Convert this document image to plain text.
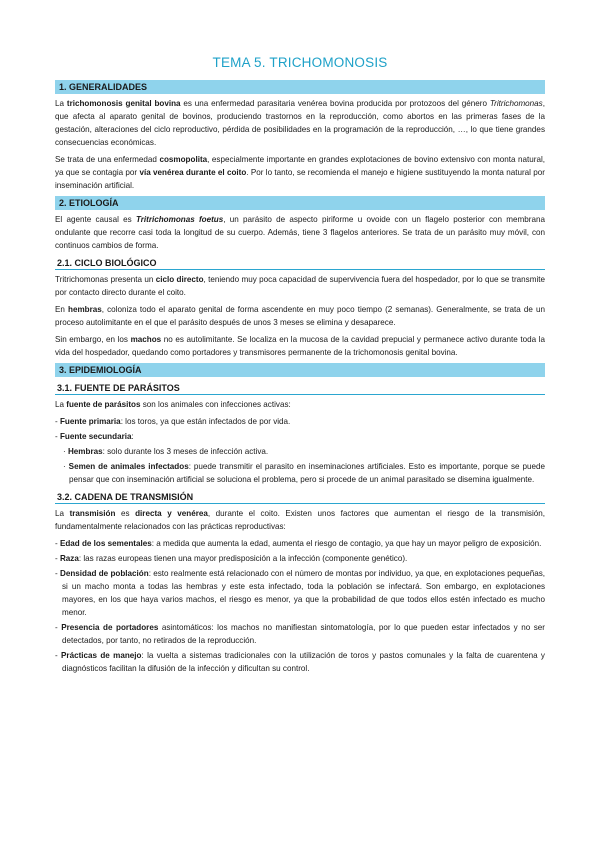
TEMA 5. TRICHOMONOSIS
1. GENERALIDADES

La trichomonosis genital bovina es una enfermedad parasitaria venérea bovina producida por protozoos del género Tritrichomonas, que afecta al aparato genital de bovinos, produciendo trastornos en la reproducción, como abortos en las primeras fases de la gestación, alteraciones del ciclo reproductivo, pérdida de posibilidades en la programación de la reproducción, …, lo que tiene grandes consecuencias económicas.

Se trata de una enfermedad cosmopolita, especialmente importante en grandes explotaciones de bovino extensivo con monta natural, ya que se contagia por vía venérea durante el coito. Por lo tanto, se recomienda el manejo e higiene sustituyendo la monta natural por inseminación artificial.

2. ETIOLOGÍA

El agente causal es Tritrichomonas foetus, un parásito de aspecto piriforme u ovoide con un flagelo posterior con membrana ondulante que recorre casi toda la longitud de su cuerpo. Además, tiene 3 flagelos anteriores. Se trata de un parásito muy móvil, con continuos cambios de forma.

2.1. CICLO BIOLÓGICO

Tritrichomonas presenta un ciclo directo, teniendo muy poca capacidad de supervivencia fuera del hospedador, por lo que se transmite por contacto directo durante el coito.

En hembras, coloniza todo el aparato genital de forma ascendente en muy poco tiempo (2 semanas). Generalmente, se trata de un proceso autolimitante en el que el parásito después de unos 3 meses se elimina y desaparece.

Sin embargo, en los machos no es autolimitante. Se localiza en la mucosa de la cavidad prepucial y permanece activo durante toda la vida del hospedador, quedando como portadores y transmisores permanente de la trichomonosis genital bovina.

3. EPIDEMIOLOGÍA
3.1. FUENTE DE PARÁSITOS

La fuente de parásitos son los animales con infecciones activas:

- Fuente primaria: los toros, ya que están infectados de por vida.
- Fuente secundaria:
· Hembras: solo durante los 3 meses de infección activa.
· Semen de animales infectados: puede transmitir el parasito en inseminaciones artificiales. Esto es importante, porque se puede pensar que con inseminación artificial se soluciona el problema, pero si procede de un animal parasitado se disemina igualmente.
3.2. CADENA DE TRANSMISIÓN

La transmisión es directa y venérea, durante el coito. Existen unos factores que aumentan el riesgo de la transmisión, fundamentalmente relacionados con las prácticas reproductivas:

- Edad de los sementales: a medida que aumenta la edad, aumenta el riesgo de contagio, ya que hay un mayor peligro de exposición.
- Raza: las razas europeas tienen una mayor predisposición a la infección (componente genético).
- Densidad de población: esto realmente está relacionado con el número de montas por individuo, ya que, en explotaciones pequeñas, si un macho monta a todas las hembras y este esta infectado, toda la población se infectará. Son embargo, en explotaciones mayores, en los que haya varios machos, el riesgo es menor, ya que la probabilidad de que todos ellos estén infectado es mucho menor.
- Presencia de portadores asintomáticos: los machos no manifiestan sintomatología, por lo que pueden estar infectados y no ser detectados, por tanto, no retirados de la reproducción.
- Prácticas de manejo: la vuelta a sistemas tradicionales con la utilización de toros y pastos comunales y la falta de cuarentena y diagnósticos facilitan la difusión de la infección y dificultan su control.
